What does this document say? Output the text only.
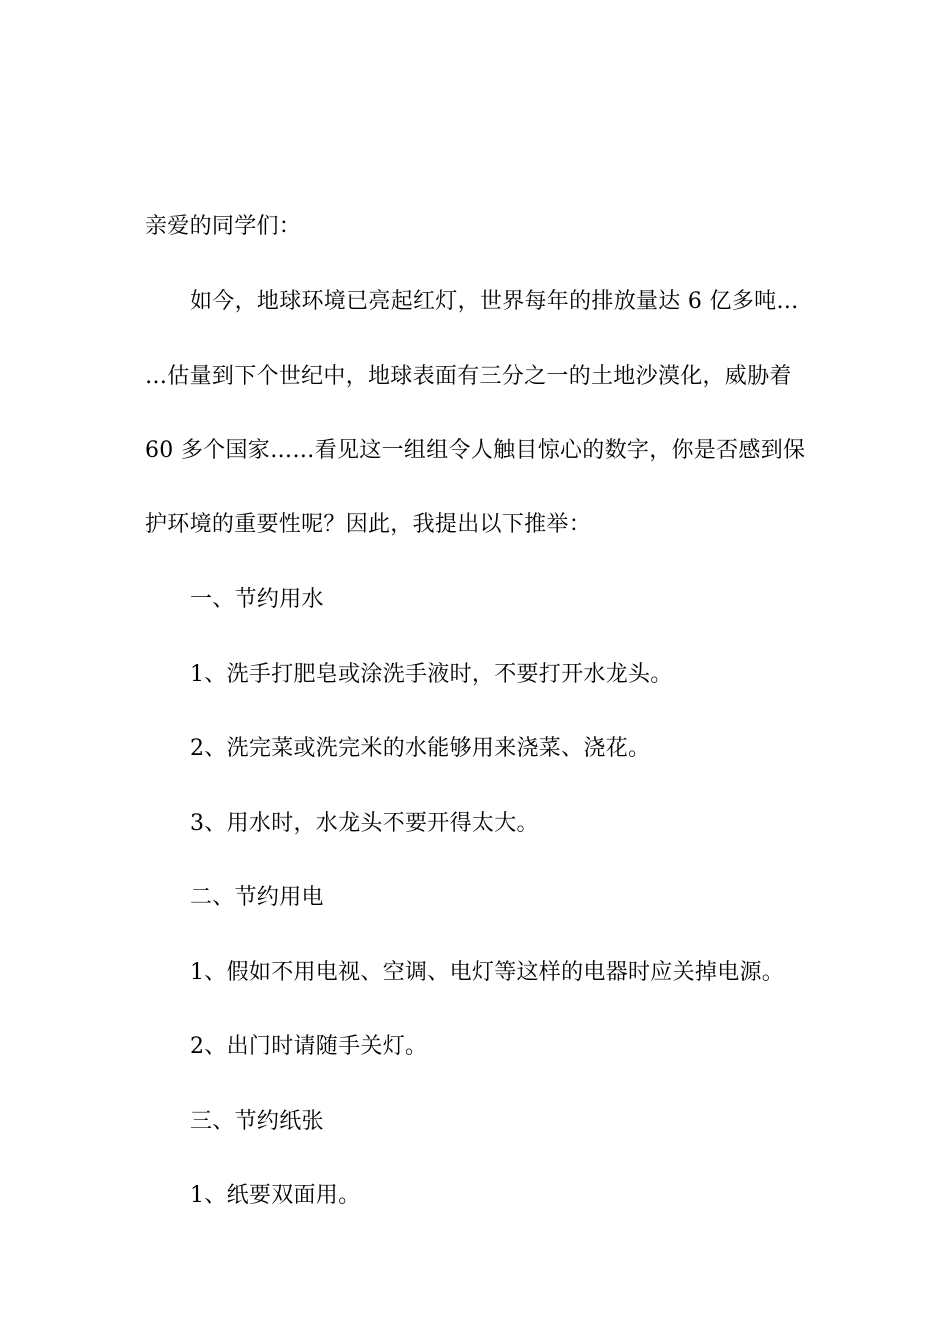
亲爱的同学们：
如今，地球环境已亮起红灯，世界每年的排放量达 6 亿多吨…
…估量到下个世纪中，地球表面有三分之一的土地沙漠化，威胁着
60 多个国家……看见这一组组令人触目惊心的数字，你是否感到保
护环境的重要性呢？因此，我提出以下推举：
一、节约用水
1、洗手打肥皂或涂洗手液时，不要打开水龙头。
2、洗完菜或洗完米的水能够用来浇菜、浇花。
3、用水时，水龙头不要开得太大。
二、节约用电
1、假如不用电视、空调、电灯等这样的电器时应关掉电源。
2、出门时请随手关灯。
三、节约纸张
1、纸要双面用。
